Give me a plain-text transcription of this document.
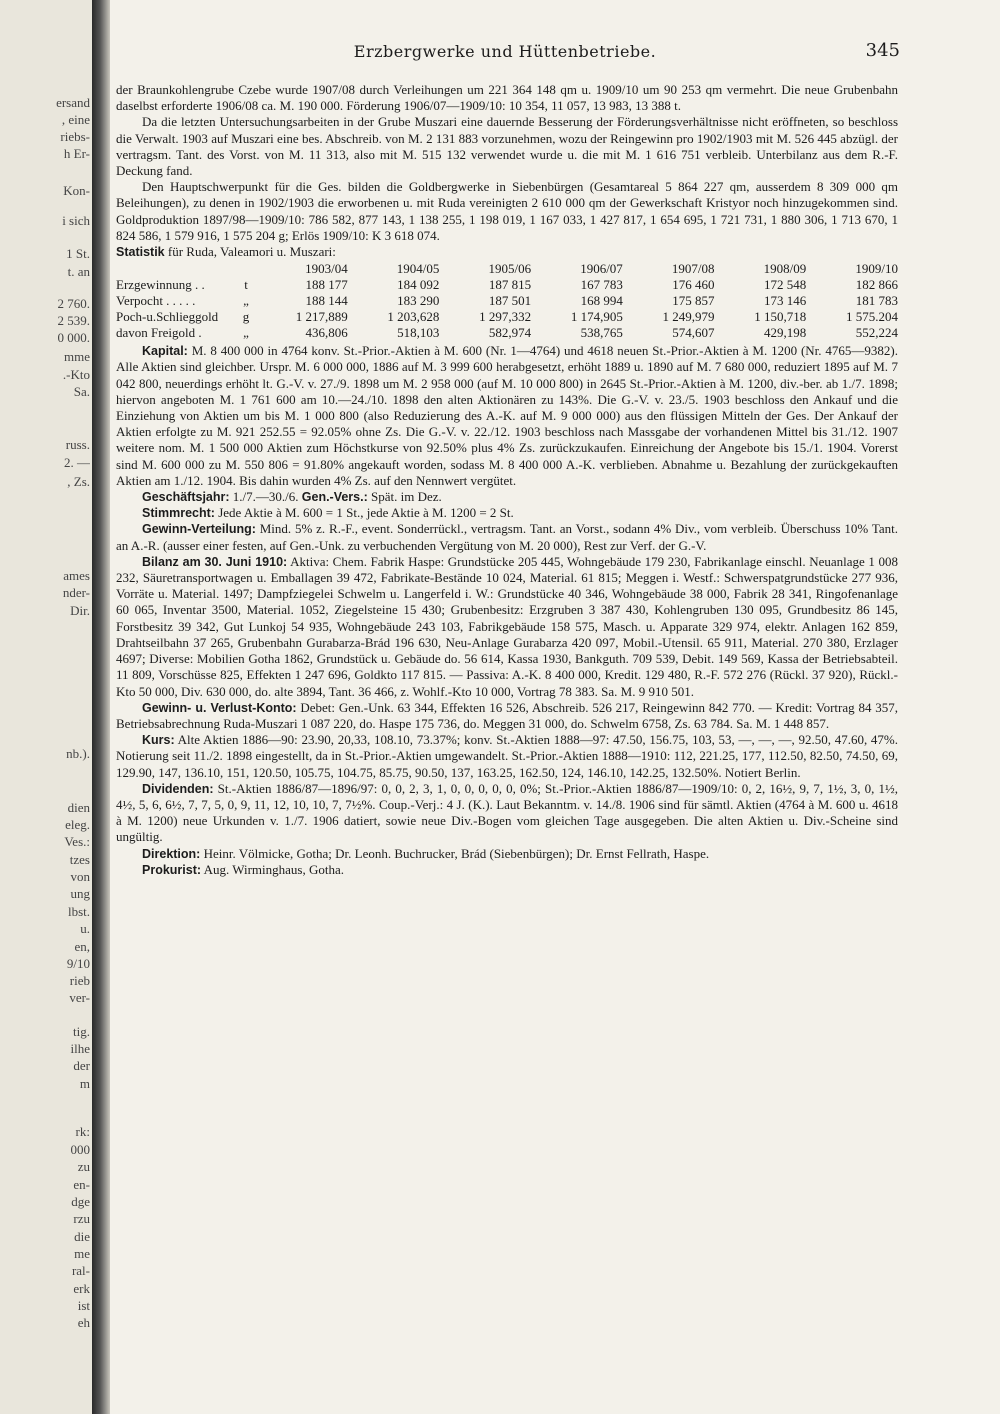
ersand
, eine
riebs-
h Er-
Kon-
i sich
1 St.
t. an
2 760.
2 539.
0 000.
mme
.-Kto
Sa.
russ.
2. —
, Zs.
ames
nder-
Dir.
nb.).
dien
eleg.
Ves.:
tzes
von
ung
lbst.
u.
en,
9/10
rieb
ver-
tig.
ilhe
der
m
rk:
000
zu
en-
dge
rzu
die
me
ral-
erk
ist
eh
Erzbergwerke und Hüttenbetriebe.	345

der Braunkohlengrube Czebe wurde 1907/08 durch Verleihungen um 221 364 148 qm u. 1909/10 um 90 253 qm vermehrt. Die neue Grubenbahn daselbst erforderte 1906/08 ca. M. 190 000. Förderung 1906/07—1909/10: 10 354, 11 057, 13 983, 13 388 t.

Da die letzten Untersuchungsarbeiten in der Grube Muszari eine dauernde Besserung der Förderungsverhältnisse nicht eröffneten, so beschloss die Verwalt. 1903 auf Muszari eine bes. Abschreib. von M. 2 131 883 vorzunehmen, wozu der Reingewinn pro 1902/1903 mit M. 526 445 abzügl. der vertragsm. Tant. des Vorst. von M. 11 313, also mit M. 515 132 verwendet wurde u. die mit M. 1 616 751 verbleib. Unterbilanz aus dem R.-F. Deckung fand.

Den Hauptschwerpunkt für die Ges. bilden die Goldbergwerke in Siebenbürgen (Gesamtareal 5 864 227 qm, ausserdem 8 309 000 qm Beleihungen), zu denen in 1902/1903 die erworbenen u. mit Ruda vereinigten 2 610 000 qm der Gewerkschaft Kristyor noch hinzugekommen sind. Goldproduktion 1897/98—1909/10: 786 582, 877 143, 1 138 255, 1 198 019, 1 167 033, 1 427 817, 1 654 695, 1 721 731, 1 880 306, 1 713 670, 1 824 586, 1 579 916, 1 575 204 g; Erlös 1909/10: K 3 618 074.

Statistik für Ruda, Valeamori u. Muszari:

		1903/04	1904/05	1905/06	1906/07	1907/08	1908/09	1909/10
Erzgewinnung . .	t	188 177	184 092	187 815	167 783	176 460	172 548	182 866
Verpocht . . . . .	„	188 144	183 290	187 501	168 994	175 857	173 146	181 783
Poch-u.Schlieggold	g	1 217,889	1 203,628	1 297,332	1 174,905	1 249,979	1 150,718	1 575.204
davon Freigold .	„	436,806	518,103	582,974	538,765	574,607	429,198	552,224

Kapital: M. 8 400 000 in 4764 konv. St.-Prior.-Aktien à M. 600 (Nr. 1—4764) und 4618 neuen St.-Prior.-Aktien à M. 1200 (Nr. 4765—9382). Alle Aktien sind gleichber. Urspr. M. 6 000 000, 1886 auf M. 3 999 600 herabgesetzt, erhöht 1889 u. 1890 auf M. 7 680 000, reduziert 1895 auf M. 7 042 800, neuerdings erhöht lt. G.-V. v. 27./9. 1898 um M. 2 958 000 (auf M. 10 000 800) in 2645 St.-Prior.-Aktien à M. 1200, div.-ber. ab 1./7. 1898; hiervon angeboten M. 1 761 600 am 10.—24./10. 1898 den alten Aktionären zu 143%. Die G.-V. v. 23./5. 1903 beschloss den Ankauf und die Einziehung von Aktien um bis M. 1 000 800 (also Reduzierung des A.-K. auf M. 9 000 000) aus den flüssigen Mitteln der Ges. Der Ankauf der Aktien erfolgte zu M. 921 252.55 = 92.05% ohne Zs. Die G.-V. v. 22./12. 1903 beschloss nach Massgabe der vorhandenen Mittel bis 31./12. 1907 weitere nom. M. 1 500 000 Aktien zum Höchstkurse von 92.50% plus 4% Zs. zurückzukaufen. Einreichung der Angebote bis 15./1. 1904. Vorerst sind M. 600 000 zu M. 550 806 = 91.80% angekauft worden, sodass M. 8 400 000 A.-K. verblieben. Abnahme u. Bezahlung der zurückgekauften Aktien am 1./12. 1904. Bis dahin wurden 4% Zs. auf den Nennwert vergütet.

Geschäftsjahr: 1./7.—30./6. Gen.-Vers.: Spät. im Dez.

Stimmrecht: Jede Aktie à M. 600 = 1 St., jede Aktie à M. 1200 = 2 St.

Gewinn-Verteilung: Mind. 5% z. R.-F., event. Sonderrückl., vertragsm. Tant. an Vorst., sodann 4% Div., vom verbleib. Überschuss 10% Tant. an A.-R. (ausser einer festen, auf Gen.-Unk. zu verbuchenden Vergütung von M. 20 000), Rest zur Verf. der G.-V.

Bilanz am 30. Juni 1910: Aktiva: Chem. Fabrik Haspe: Grundstücke 205 445, Wohngebäude 179 230, Fabrikanlage einschl. Neuanlage 1 008 232, Säuretransportwagen u. Emballagen 39 472, Fabrikate-Bestände 10 024, Material. 61 815; Meggen i. Westf.: Schwerspatgrundstücke 277 936, Vorräte u. Material. 1497; Dampfziegelei Schwelm u. Langerfeld i. W.: Grundstücke 40 346, Wohngebäude 38 000, Fabrik 28 341, Ringofenanlage 60 065, Inventar 3500, Material. 1052, Ziegelsteine 15 430; Grubenbesitz: Erzgruben 3 387 430, Kohlengruben 130 095, Grundbesitz 86 145, Forstbesitz 39 342, Gut Lunkoj 54 935, Wohngebäude 243 103, Fabrikgebäude 158 575, Masch. u. Apparate 329 974, elektr. Anlagen 162 859, Drahtseilbahn 37 265, Grubenbahn Gurabarza-Brád 196 630, Neu-Anlage Gurabarza 420 097, Mobil.-Utensil. 65 911, Material. 270 380, Erzlager 4697; Diverse: Mobilien Gotha 1862, Grundstück u. Gebäude do. 56 614, Kassa 1930, Bankguth. 709 539, Debit. 149 569, Kassa der Betriebsabteil. 11 809, Vorschüsse 825, Effekten 1 247 696, Goldkto 117 815. — Passiva: A.-K. 8 400 000, Kredit. 129 480, R.-F. 572 276 (Rückl. 37 920), Rückl.-Kto 50 000, Div. 630 000, do. alte 3894, Tant. 36 466, z. Wohlf.-Kto 10 000, Vortrag 78 383. Sa. M. 9 910 501.

Gewinn- u. Verlust-Konto: Debet: Gen.-Unk. 63 344, Effekten 16 526, Abschreib. 526 217, Reingewinn 842 770. — Kredit: Vortrag 84 357, Betriebsabrechnung Ruda-Muszari 1 087 220, do. Haspe 175 736, do. Meggen 31 000, do. Schwelm 6758, Zs. 63 784. Sa. M. 1 448 857.

Kurs: Alte Aktien 1886—90: 23.90, 20,33, 108.10, 73.37%; konv. St.-Aktien 1888—97: 47.50, 156.75, 103, 53, —, —, —, 92.50, 47.60, 47%. Notierung seit 11./2. 1898 eingestellt, da in St.-Prior.-Aktien umgewandelt. St.-Prior.-Aktien 1888—1910: 112, 221.25, 177, 112.50, 82.50, 74.50, 69, 129.90, 147, 136.10, 151, 120.50, 105.75, 104.75, 85.75, 90.50, 137, 163.25, 162.50, 124, 146.10, 142.25, 132.50%. Notiert Berlin.

Dividenden: St.-Aktien 1886/87—1896/97: 0, 0, 2, 3, 1, 0, 0, 0, 0, 0, 0%; St.-Prior.-Aktien 1886/87—1909/10: 0, 2, 16½, 9, 7, 1½, 3, 0, 1½, 4½, 5, 6, 6½, 7, 7, 5, 0, 9, 11, 12, 10, 10, 7, 7½%. Coup.-Verj.: 4 J. (K.). Laut Bekanntm. v. 14./8. 1906 sind für sämtl. Aktien (4764 à M. 600 u. 4618 à M. 1200) neue Urkunden v. 1./7. 1906 datiert, sowie neue Div.-Bogen vom gleichen Tage ausgegeben. Die alten Aktien u. Div.-Scheine sind ungültig.

Direktion: Heinr. Völmicke, Gotha; Dr. Leonh. Buchrucker, Brád (Siebenbürgen); Dr. Ernst Fellrath, Haspe.

Prokurist: Aug. Wirminghaus, Gotha.
